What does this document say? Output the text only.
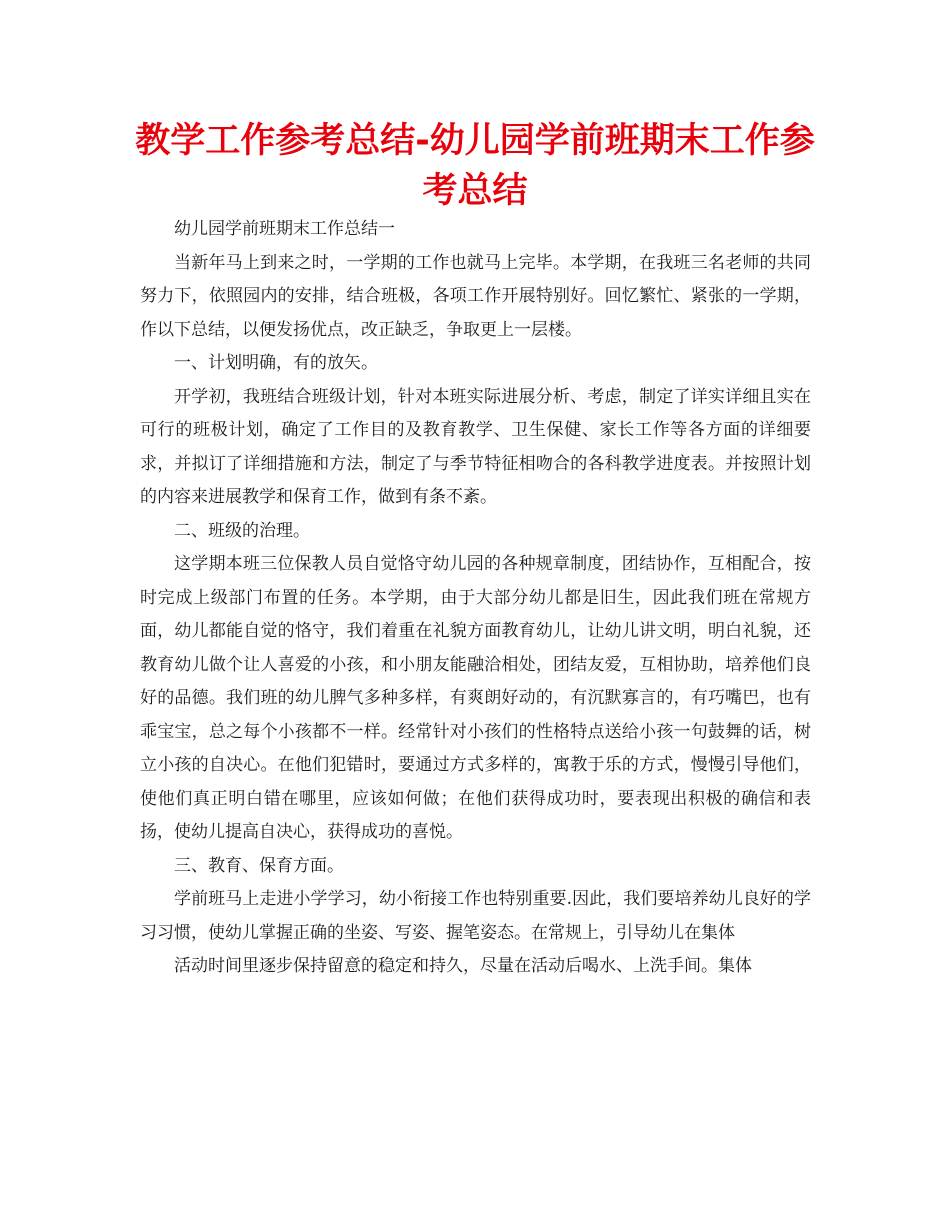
教学工作参考总结-幼儿园学前班期末工作参考总结

幼儿园学前班期末工作总结一

当新年马上到来之时，一学期的工作也就马上完毕。本学期，在我班三名老师的共同努力下，依照园内的安排，结合班极，各项工作开展特别好。回忆繁忙、紧张的一学期，作以下总结，以便发扬优点，改正缺乏，争取更上一层楼。

一、计划明确，有的放矢。

开学初，我班结合班级计划，针对本班实际进展分析、考虑，制定了详实详细且实在可行的班极计划，确定了工作目的及教育教学、卫生保健、家长工作等各方面的详细要求，并拟订了详细措施和方法，制定了与季节特征相吻合的各科教学进度表。并按照计划的内容来进展教学和保育工作，做到有条不紊。

二、班级的治理。

这学期本班三位保教人员自觉恪守幼儿园的各种规章制度，团结协作，互相配合，按时完成上级部门布置的任务。本学期，由于大部分幼儿都是旧生，因此我们班在常规方面，幼儿都能自觉的恪守，我们着重在礼貌方面教育幼儿，让幼儿讲文明，明白礼貌，还教育幼儿做个让人喜爱的小孩，和小朋友能融洽相处，团结友爱，互相协助，培养他们良好的品德。我们班的幼儿脾气多种多样，有爽朗好动的，有沉默寡言的，有巧嘴巴，也有乖宝宝，总之每个小孩都不一样。经常针对小孩们的性格特点送给小孩一句鼓舞的话，树立小孩的自决心。在他们犯错时，要通过方式多样的，寓教于乐的方式，慢慢引导他们，使他们真正明白错在哪里，应该如何做；在他们获得成功时，要表现出积极的确信和表扬，使幼儿提高自决心，获得成功的喜悦。

三、教育、保育方面。

学前班马上走进小学学习，幼小衔接工作也特别重要.因此，我们要培养幼儿良好的学习习惯，使幼儿掌握正确的坐姿、写姿、握笔姿态。在常规上，引导幼儿在集体

活动时间里逐步保持留意的稳定和持久，尽量在活动后喝水、上洗手间。集体
